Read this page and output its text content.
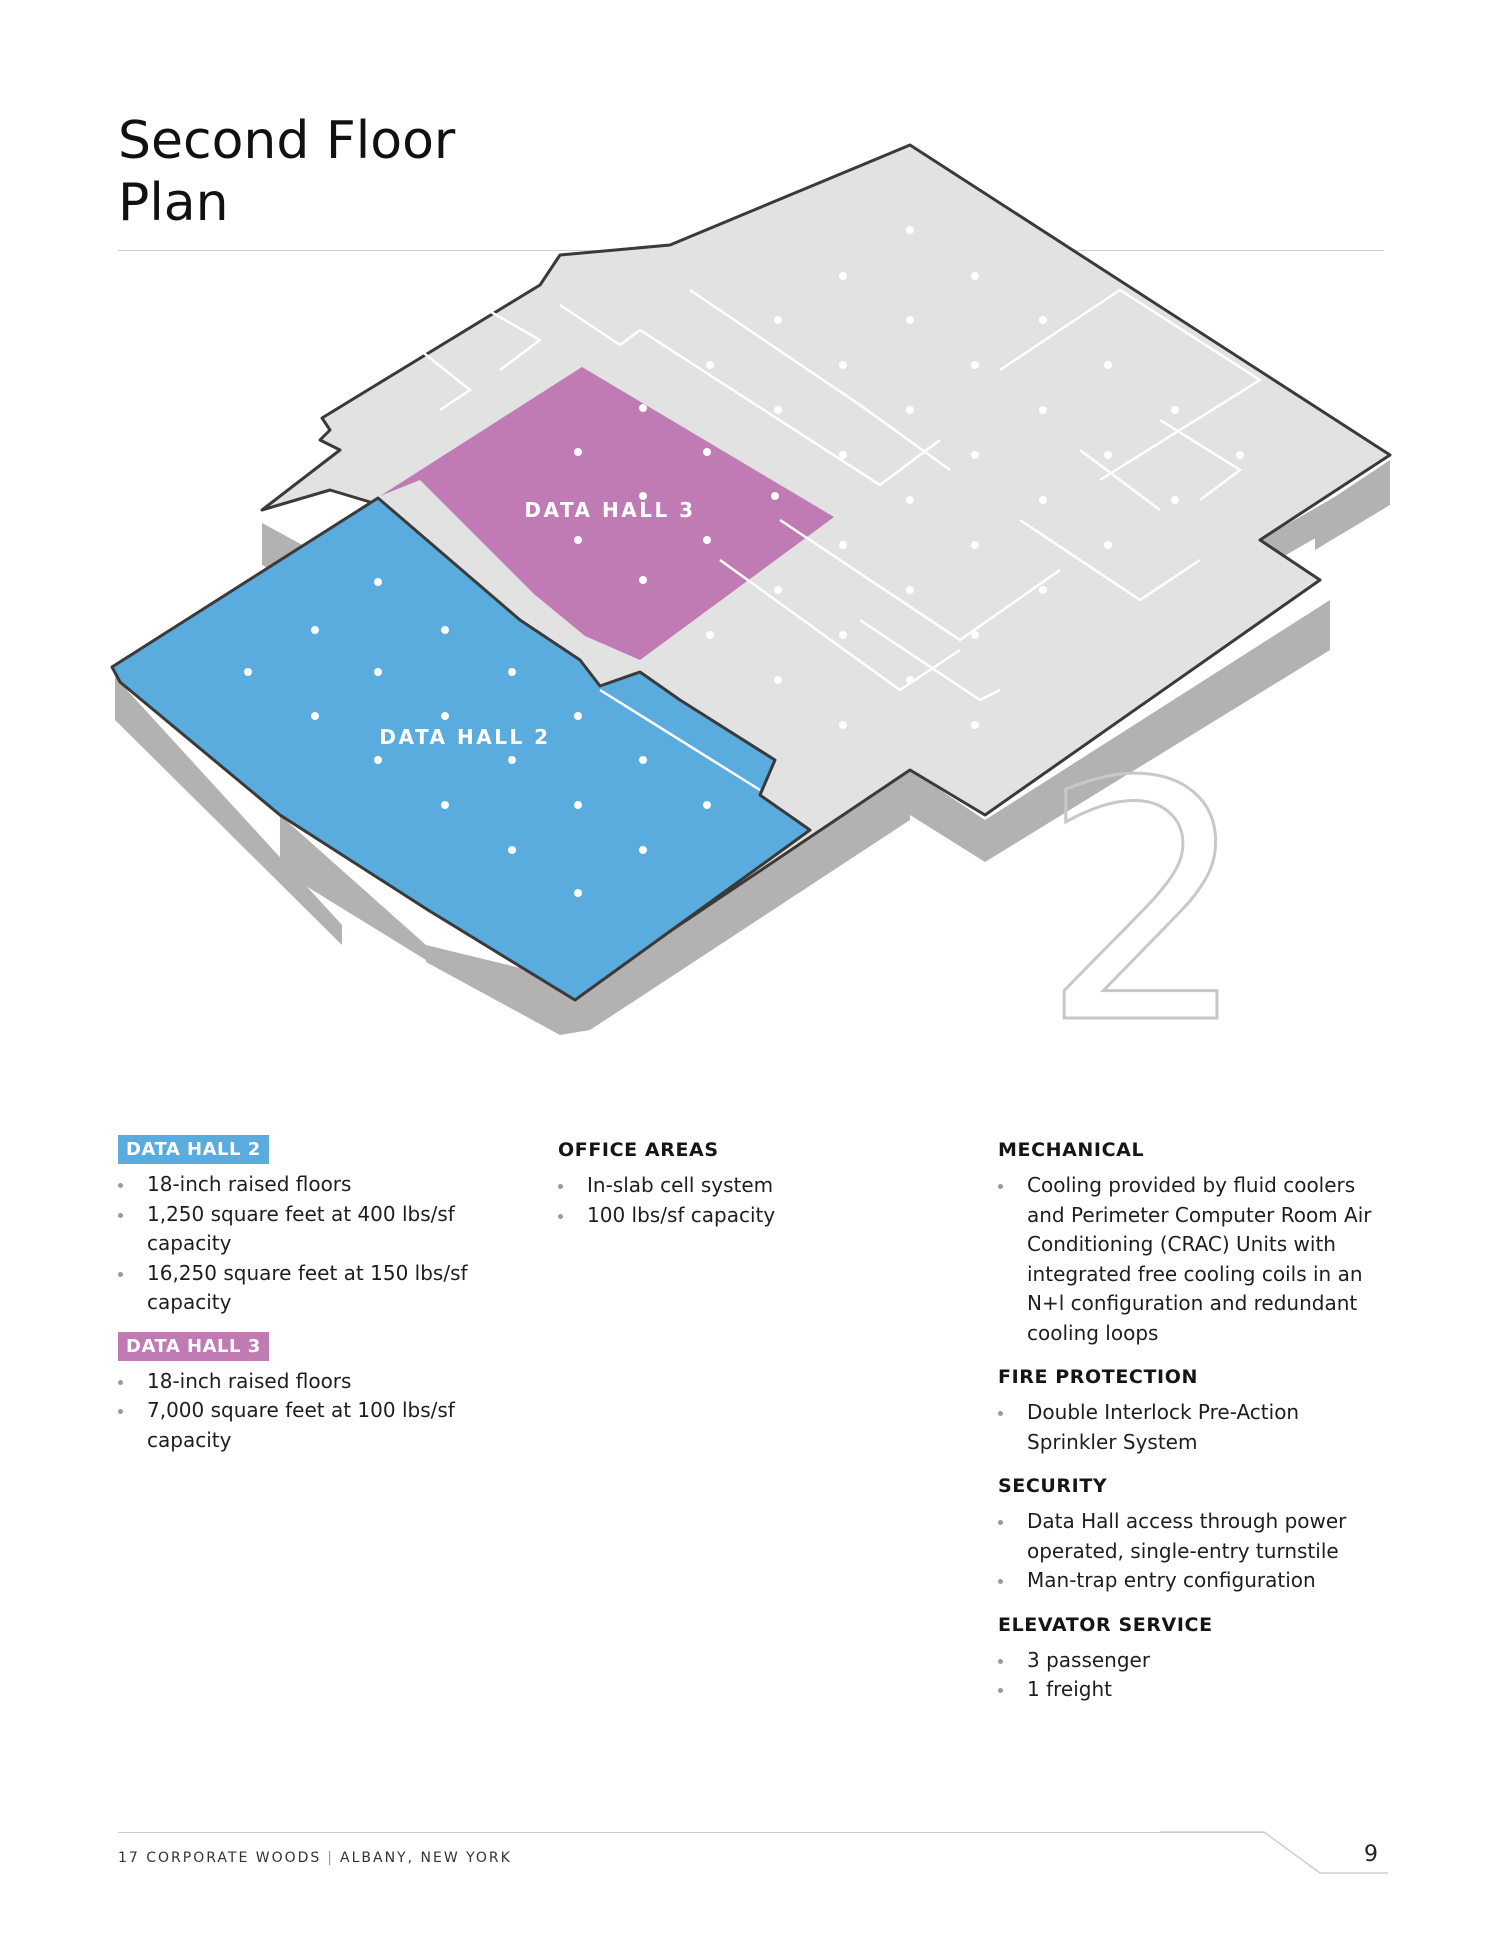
Second Floor
Plan
DATA HALL 3
DATA HALL 2 2
DATA HALL 2
18-inch raised floors
1,250 square feet at 400 lbs/sf capacity
16,250 square feet at 150 lbs/sf capacity
DATA HALL 3
18-inch raised floors
7,000 square feet at 100 lbs/sf capacity
OFFICE AREAS
In-slab cell system
100 lbs/sf capacity
MECHANICAL
Cooling provided by fluid coolers and Perimeter Computer Room Air Conditioning (CRAC) Units with integrated free cooling coils in an N+l configuration and redundant cooling loops
FIRE PROTECTION
Double Interlock Pre-Action Sprinkler System
SECURITY
Data Hall access through power operated, single-entry turnstile
Man-trap entry configuration
ELEVATOR SERVICE
3 passenger
1 freight
17 CORPORATE WOODS | ALBANY, NEW YORK	9
